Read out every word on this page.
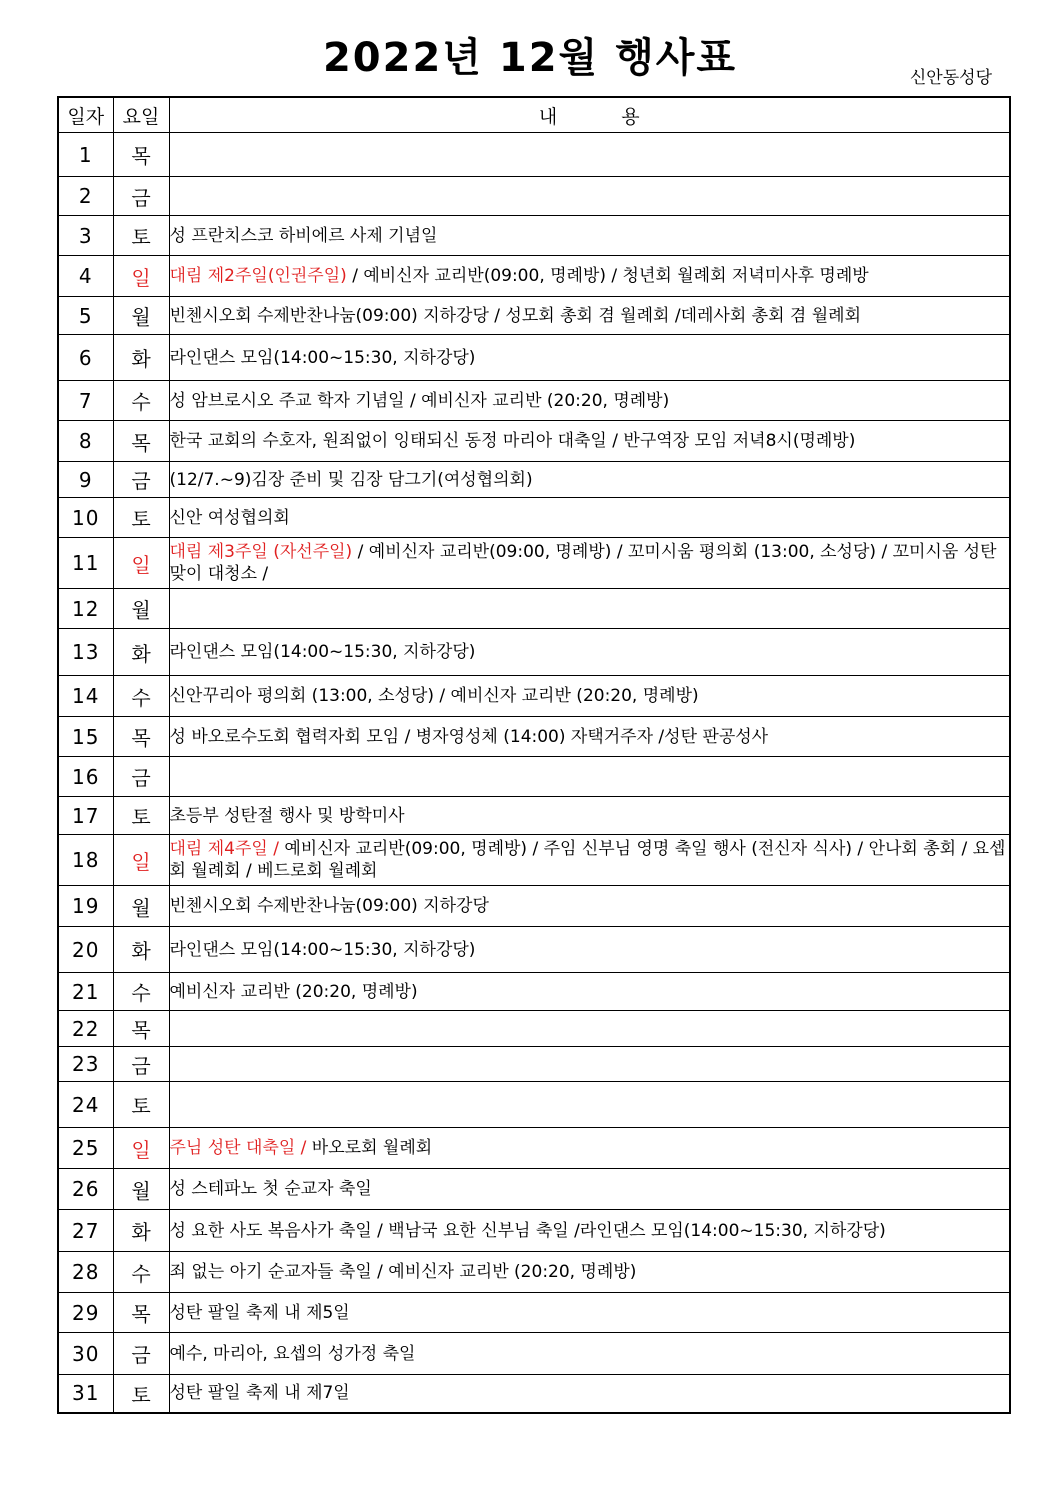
2022년 12월 행사표	신안동성당
일자	요일	내 용
1	목	
2	금	
3	토	성 프란치스코 하비에르 사제 기념일
4	일	대림 제2주일(인권주일) / 예비신자 교리반(09:00, 명례방) / 청년회 월례회 저녁미사후 명례방
5	월	빈첸시오회 수제반찬나눔(09:00) 지하강당 / 성모회 총회 겸 월례회 /데레사회 총회 겸 월례회
6	화	라인댄스 모임(14:00~15:30, 지하강당)
7	수	성 암브로시오 주교 학자 기념일 / 예비신자 교리반 (20:20, 명례방)
8	목	한국 교회의 수호자, 원죄없이 잉태되신 동정 마리아 대축일 / 반구역장 모임 저녁8시(명례방)
9	금	(12/7.~9)김장 준비 및 김장 담그기(여성협의회)
10	토	신안 여성협의회
11	일	대림 제3주일 (자선주일) / 예비신자 교리반(09:00, 명례방) / 꼬미시움 평의회 (13:00, 소성당) / 꼬미시움 성탄 맞이 대청소 /
12	월	
13	화	라인댄스 모임(14:00~15:30, 지하강당)
14	수	신안꾸리아 평의회 (13:00, 소성당) / 예비신자 교리반 (20:20, 명례방)
15	목	성 바오로수도회 협력자회 모임 / 병자영성체 (14:00) 자택거주자 /성탄 판공성사
16	금	
17	토	초등부 성탄절 행사 및 방학미사
18	일	대림 제4주일 / 예비신자 교리반(09:00, 명례방) / 주임 신부님 영명 축일 행사 (전신자 식사) / 안나회 총회 / 요셉회 월례회 / 베드로회 월례회
19	월	빈첸시오회 수제반찬나눔(09:00) 지하강당
20	화	라인댄스 모임(14:00~15:30, 지하강당)
21	수	예비신자 교리반 (20:20, 명례방)
22	목	
23	금	
24	토	
25	일	주님 성탄 대축일 / 바오로회 월례회
26	월	성 스테파노 첫 순교자 축일
27	화	성 요한 사도 복음사가 축일 / 백남국 요한 신부님 축일 /라인댄스 모임(14:00~15:30, 지하강당)
28	수	죄 없는 아기 순교자들 축일 / 예비신자 교리반 (20:20, 명례방)
29	목	성탄 팔일 축제 내 제5일
30	금	예수, 마리아, 요셉의 성가정 축일
31	토	성탄 팔일 축제 내 제7일
